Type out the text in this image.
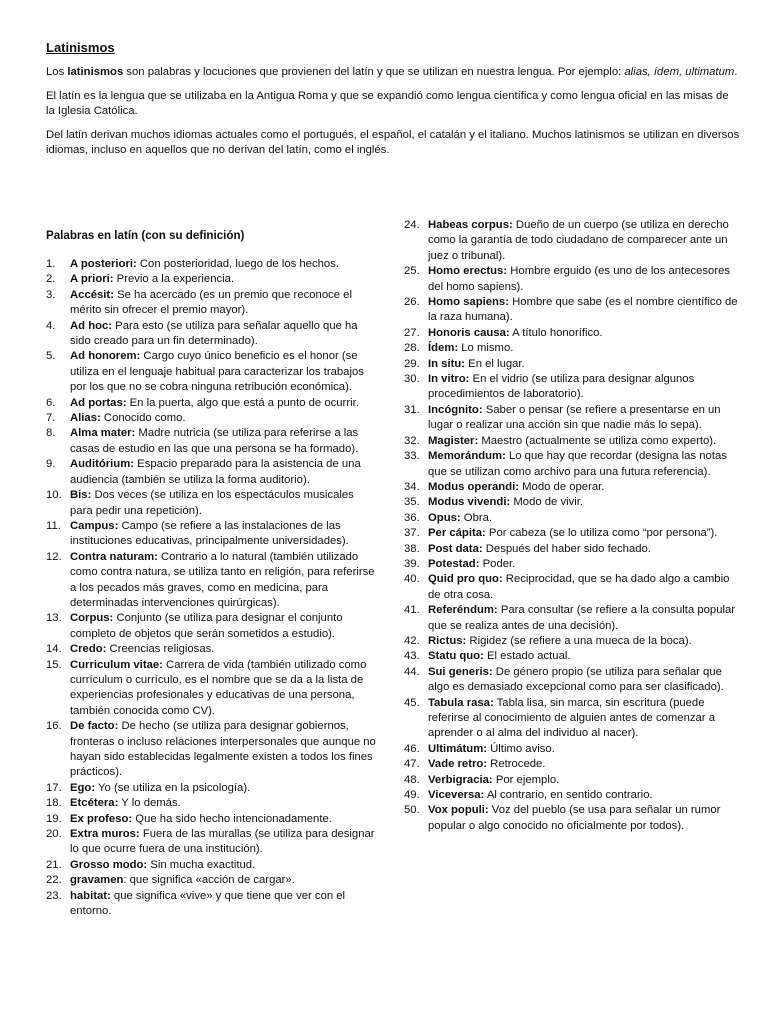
Latinismos

Los latinismos son palabras y locuciones que provienen del latín y que se utilizan en nuestra lengua. Por ejemplo: alias, ídem, ultimatum.

El latín es la lengua que se utilizaba en la Antigua Roma y que se expandió como lengua científica y como lengua oficial en las misas de la Iglesia Católica.

Del latín derivan muchos idiomas actuales como el portugués, el español, el catalán y el italiano. Muchos latinismos se utilizan en diversos idiomas, incluso en aquellos que no derivan del latín, como el inglés.

Palabras en latín (con su definición)
1. A posteriori: Con posterioridad, luego de los hechos.
2. A priori: Previo a la experiencia.
3. Accésit: Se ha acercado (es un premio que reconoce el mérito sin ofrecer el premio mayor).
4. Ad hoc: Para esto (se utiliza para señalar aquello que ha sido creado para un fin determinado).
5. Ad honorem: Cargo cuyo único beneficio es el honor (se utiliza en el lenguaje habitual para caracterizar los trabajos por los que no se cobra ninguna retribución económica).
6. Ad portas: En la puerta, algo que está a punto de ocurrir.
7. Alias: Conocido como.
8. Alma mater: Madre nutricia (se utiliza para referirse a las casas de estudio en las que una persona se ha formado).
9. Auditórium: Espacio preparado para la asistencia de una audiencia (también se utiliza la forma auditorio).
10. Bis: Dos veces (se utiliza en los espectáculos musicales para pedir una repetición).
11. Campus: Campo (se refiere a las instalaciones de las instituciones educativas, principalmente universidades).
12. Contra naturam: Contrario a lo natural (también utilizado como contra natura, se utiliza tanto en religión, para referirse a los pecados más graves, como en medicina, para determinadas intervenciones quirúrgicas).
13. Corpus: Conjunto (se utiliza para designar el conjunto completo de objetos que serán sometidos a estudio).
14. Credo: Creencias religiosas.
15. Curriculum vitae: Carrera de vida (también utilizado como currículum o currículo, es el nombre que se da a la lista de experiencias profesionales y educativas de una persona, también conocida como CV).
16. De facto: De hecho (se utiliza para designar gobiernos, fronteras o incluso relaciones interpersonales que aunque no hayan sido establecidas legalmente existen a todos los fines prácticos).
17. Ego: Yo (se utiliza en la psicología).
18. Etcétera: Y lo demás.
19. Ex profeso: Que ha sido hecho intencionadamente.
20. Extra muros: Fuera de las murallas (se utiliza para designar lo que ocurre fuera de una institución).
21. Grosso modo: Sin mucha exactitud.
22. gravamen: que significa «acción de cargar».
23. habitat: que significa «vive» y que tiene que ver con el entorno.
24. Habeas corpus: Dueño de un cuerpo (se utiliza en derecho como la garantía de todo ciudadano de comparecer ante un juez o tribunal).
25. Homo erectus: Hombre erguido (es uno de los antecesores del homo sapiens).
26. Homo sapiens: Hombre que sabe (es el nombre científico de la raza humana).
27. Honoris causa: A título honorífico.
28. Ídem: Lo mismo.
29. In situ: En el lugar.
30. In vitro: En el vidrio (se utiliza para designar algunos procedimientos de laboratorio).
31. Incógnito: Saber o pensar (se refiere a presentarse en un lugar o realizar una acción sin que nadie más lo sepa).
32. Magister: Maestro (actualmente se utiliza como experto).
33. Memorándum: Lo que hay que recordar (designa las notas que se utilizan como archivo para una futura referencia).
34. Modus operandi: Modo de operar.
35. Modus vivendi: Modo de vivir.
36. Opus: Obra.
37. Per cápita: Por cabeza (se lo utiliza como “por persona”).
38. Post data: Después del haber sido fechado.
39. Potestad: Poder.
40. Quid pro quo: Reciprocidad, que se ha dado algo a cambio de otra cosa.
41. Referéndum: Para consultar (se refiere a la consulta popular que se realiza antes de una decisión).
42. Rictus: Rigidez (se refiere a una mueca de la boca).
43. Statu quo: El estado actual.
44. Sui generis: De género propio (se utiliza para señalar que algo es demasiado excepcional como para ser clasificado).
45. Tabula rasa: Tabla lisa, sin marca, sin escritura (puede referirse al conocimiento de alguien antes de comenzar a aprender o al alma del individuo al nacer).
46. Ultimátum: Último aviso.
47. Vade retro: Retrocede.
48. Verbigracia: Por ejemplo.
49. Viceversa: Al contrario, en sentido contrario.
50. Vox populi: Voz del pueblo (se usa para señalar un rumor popular o algo conocido no oficialmente por todos).
